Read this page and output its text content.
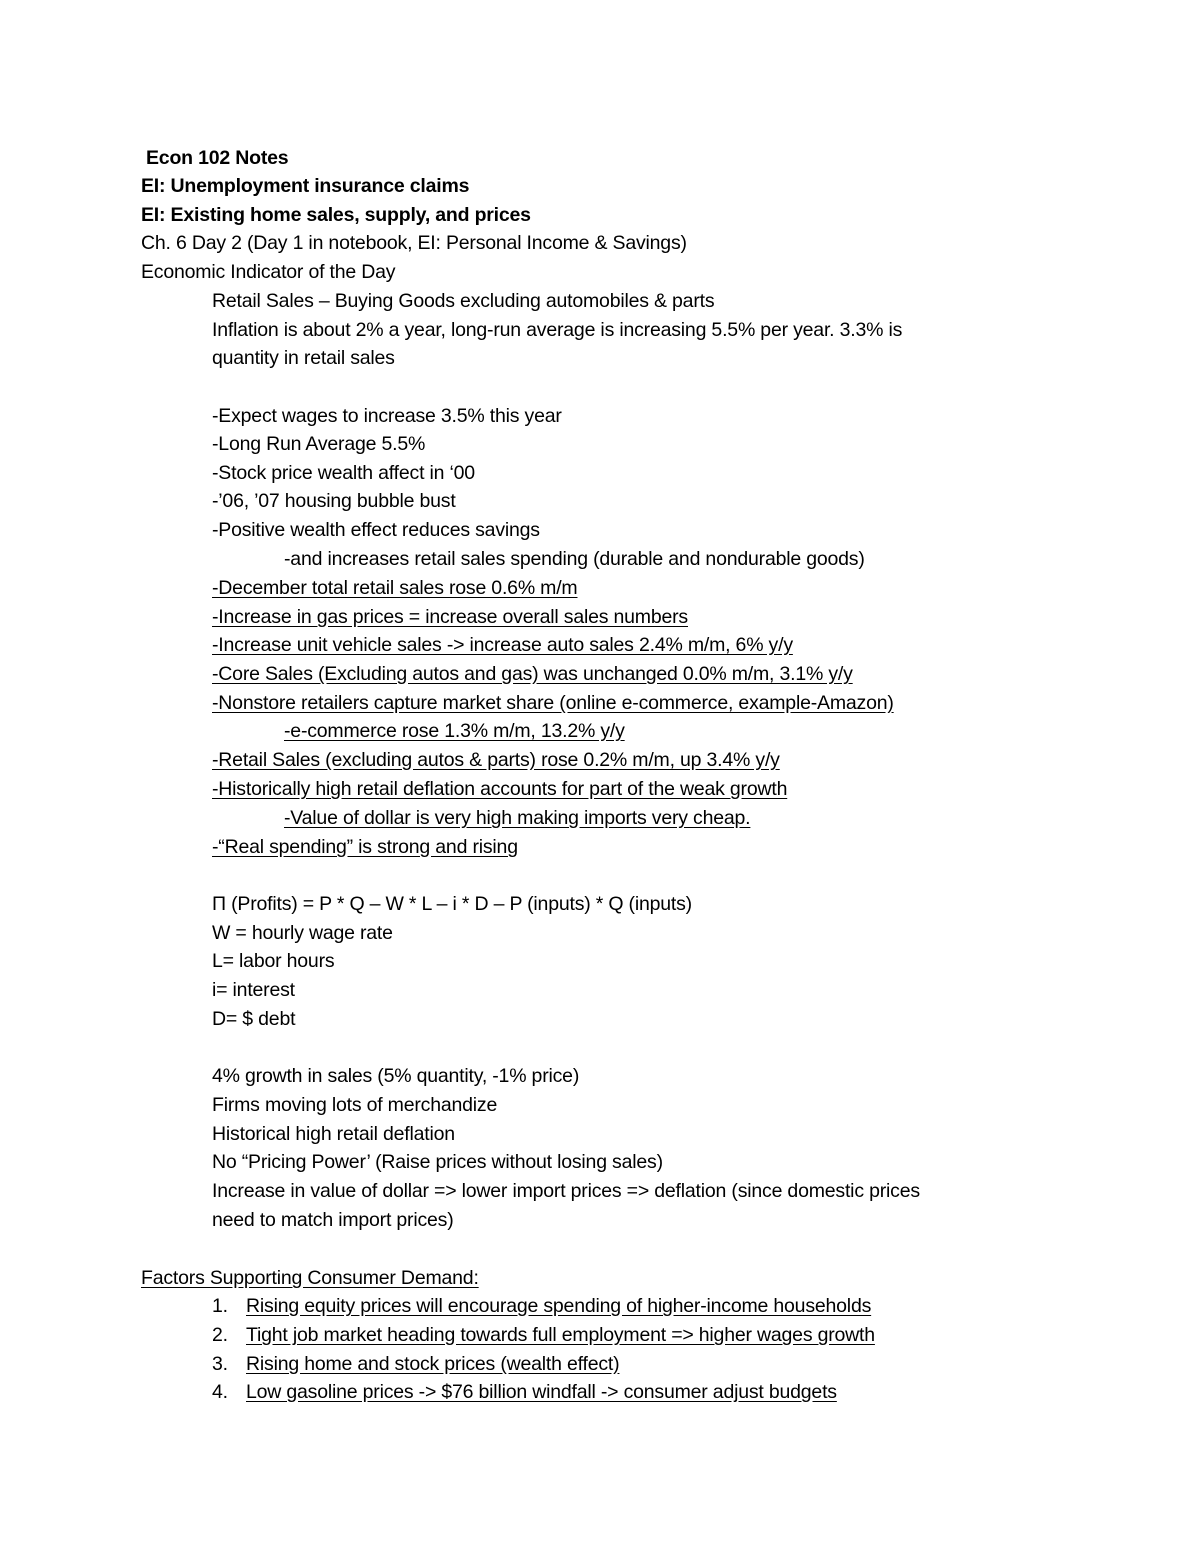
Econ 102 Notes
EI: Unemployment insurance claims
EI: Existing home sales, supply, and prices
Ch. 6 Day 2 (Day 1 in notebook, EI: Personal Income & Savings)
Economic Indicator of the Day
Retail Sales – Buying Goods excluding automobiles & parts
Inflation is about 2% a year, long-run average is increasing 5.5% per year. 3.3% is
quantity in retail sales
-Expect wages to increase 3.5% this year
-Long Run Average 5.5%
-Stock price wealth affect in ‘00
-’06, ’07 housing bubble bust
-Positive wealth effect reduces savings
-and increases retail sales spending (durable and nondurable goods)
-December total retail sales rose 0.6% m/m
-Increase in gas prices = increase overall sales numbers
-Increase unit vehicle sales -> increase auto sales 2.4% m/m, 6% y/y
-Core Sales (Excluding autos and gas) was unchanged 0.0% m/m, 3.1% y/y
-Nonstore retailers capture market share (online e-commerce, example-Amazon)
-e-commerce rose 1.3% m/m, 13.2% y/y
-Retail Sales (excluding autos & parts) rose 0.2% m/m, up 3.4% y/y
-Historically high retail deflation accounts for part of the weak growth
-Value of dollar is very high making imports very cheap.
-“Real spending” is strong and rising
Π (Profits) = P * Q – W * L – i * D – P (inputs) * Q (inputs)
W = hourly wage rate
L= labor hours
i= interest
D= $ debt
4% growth in sales (5% quantity, -1% price)
Firms moving lots of merchandize
Historical high retail deflation
No “Pricing Power’ (Raise prices without losing sales)
Increase in value of dollar => lower import prices => deflation (since domestic prices
need to match import prices)
Factors Supporting Consumer Demand:
1. Rising equity prices will encourage spending of higher-income households
2. Tight job market heading towards full employment => higher wages growth
3. Rising home and stock prices (wealth effect)
4. Low gasoline prices -> $76 billion windfall -> consumer adjust budgets
